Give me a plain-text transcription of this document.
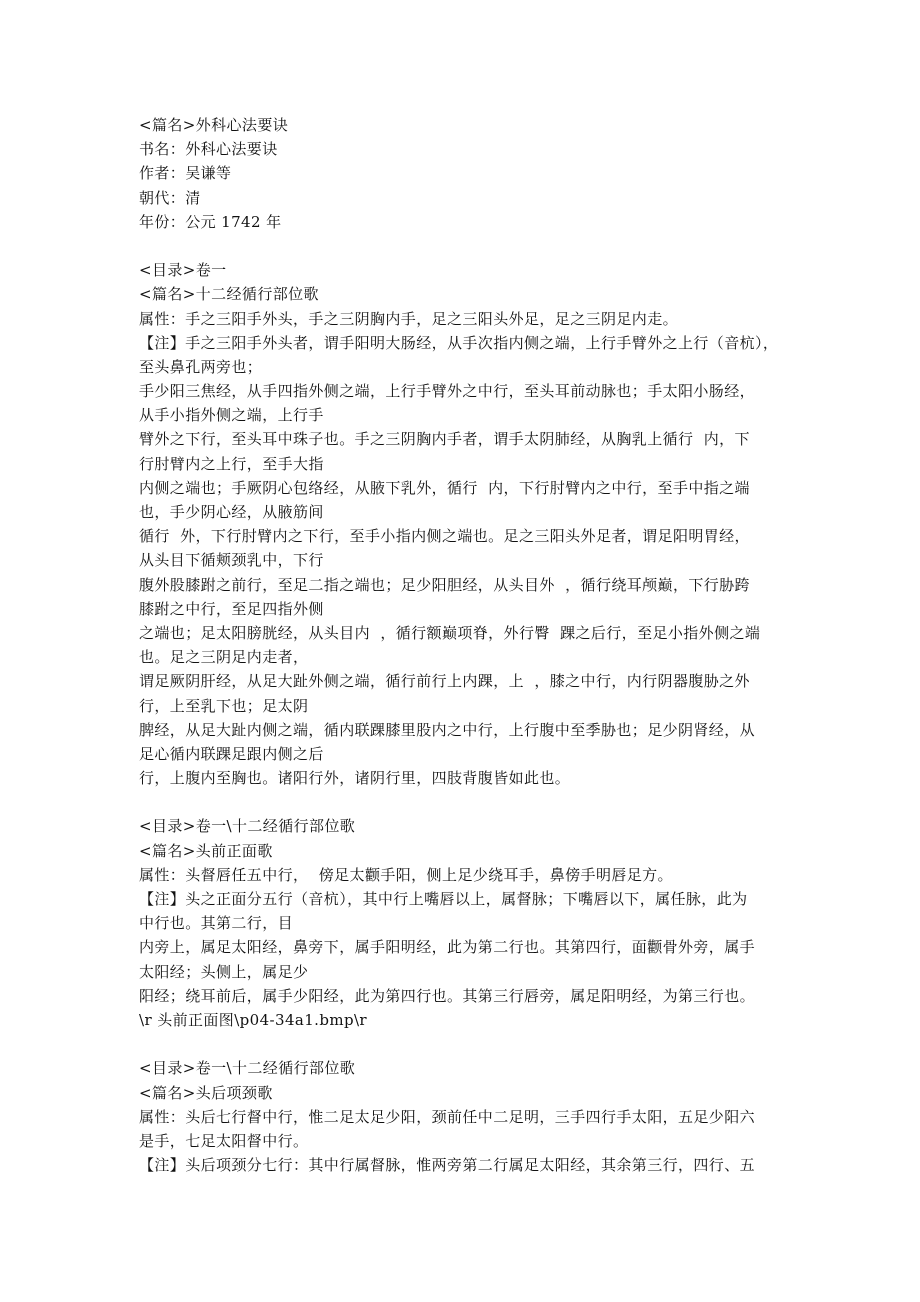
<篇名>外科心法要诀
书名：外科心法要诀
作者：吴谦等
朝代：清
年份：公元 1742 年
<目录>卷一
<篇名>十二经循行部位歌
属性：手之三阳手外头，手之三阴胸内手，足之三阳头外足，足之三阴足内走。
【注】手之三阳手外头者，谓手阳明大肠经，从手次指内侧之端，上行手臂外之上行（音杭），
至头鼻孔两旁也；
手少阳三焦经，从手四指外侧之端，上行手臂外之中行，至头耳前动脉也；手太阳小肠经，
从手小指外侧之端，上行手
臂外之下行，至头耳中珠子也。手之三阴胸内手者，谓手太阴肺经，从胸乳上循行  内，下
行肘臂内之上行，至手大指
内侧之端也；手厥阴心包络经，从腋下乳外，循行  内，下行肘臂内之中行，至手中指之端
也，手少阴心经，从腋筋间
循行  外，下行肘臂内之下行，至手小指内侧之端也。足之三阳头外足者，谓足阳明胃经，
从头目下循颊颈乳中，下行
腹外股膝跗之前行，至足二指之端也；足少阳胆经，从头目外  ，循行绕耳颅巅，下行胁跨
膝跗之中行，至足四指外侧
之端也；足太阳膀胱经，从头目内  ，循行额巅项脊，外行臀  踝之后行，至足小指外侧之端
也。足之三阴足内走者，
谓足厥阴肝经，从足大趾外侧之端，循行前行上内踝，上  ，膝之中行，内行阴器腹胁之外
行，上至乳下也；足太阴
脾经，从足大趾内侧之端，循内联踝膝里股内之中行，上行腹中至季胁也；足少阴肾经，从
足心循内联踝足跟内侧之后
行，上腹内至胸也。诸阳行外，诸阴行里，四肢背腹皆如此也。
<目录>卷一\十二经循行部位歌
<篇名>头前正面歌
属性：头督唇任五中行，  傍足太颧手阳，侧上足少绕耳手，鼻傍手明唇足方。
【注】头之正面分五行（音杭），其中行上嘴唇以上，属督脉；下嘴唇以下，属任脉，此为
中行也。其第二行，目
内旁上，属足太阳经，鼻旁下，属手阳明经，此为第二行也。其第四行，面颧骨外旁，属手
太阳经；头侧上，属足少
阳经；绕耳前后，属手少阳经，此为第四行也。其第三行唇旁，属足阳明经，为第三行也。
\r 头前正面图\p04-34a1.bmp\r
<目录>卷一\十二经循行部位歌
<篇名>头后项颈歌
属性：头后七行督中行，惟二足太足少阳，颈前任中二足明，三手四行手太阳，五足少阳六
是手，七足太阳督中行。
【注】头后项颈分七行：其中行属督脉，惟两旁第二行属足太阳经，其余第三行，四行、五
